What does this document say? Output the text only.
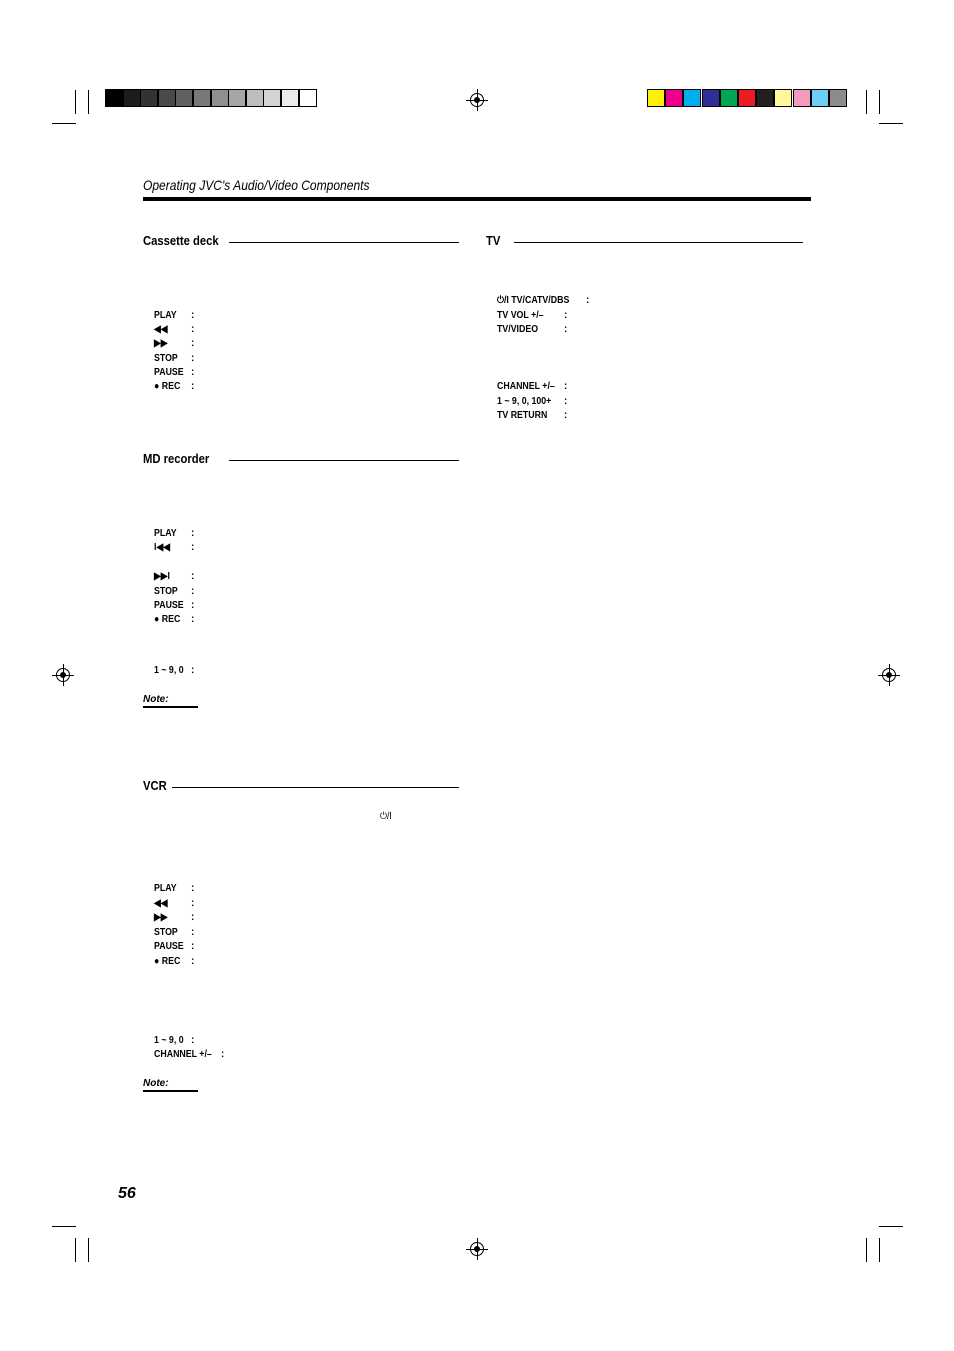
Operating JVC's Audio/Video Components
Cassette deck
PLAY :
◀◀ :
▶▶ :
STOP :
PAUSE :
● REC :
MD recorder
PLAY :
I◀◀ :
▶▶I :
STOP :
PAUSE :
● REC :
1 ~ 9, 0 :
Note:
VCR
⏻/I
PLAY :
◀◀ :
▶▶ :
STOP :
PAUSE :
● REC :
1 ~ 9, 0 :
CHANNEL +/– :
Note:
TV
⏻/I TV/CATV/DBS :
TV VOL +/– :
TV/VIDEO	:
CHANNEL +/– :
1 ~ 9, 0, 100+ :
TV RETURN :
56
